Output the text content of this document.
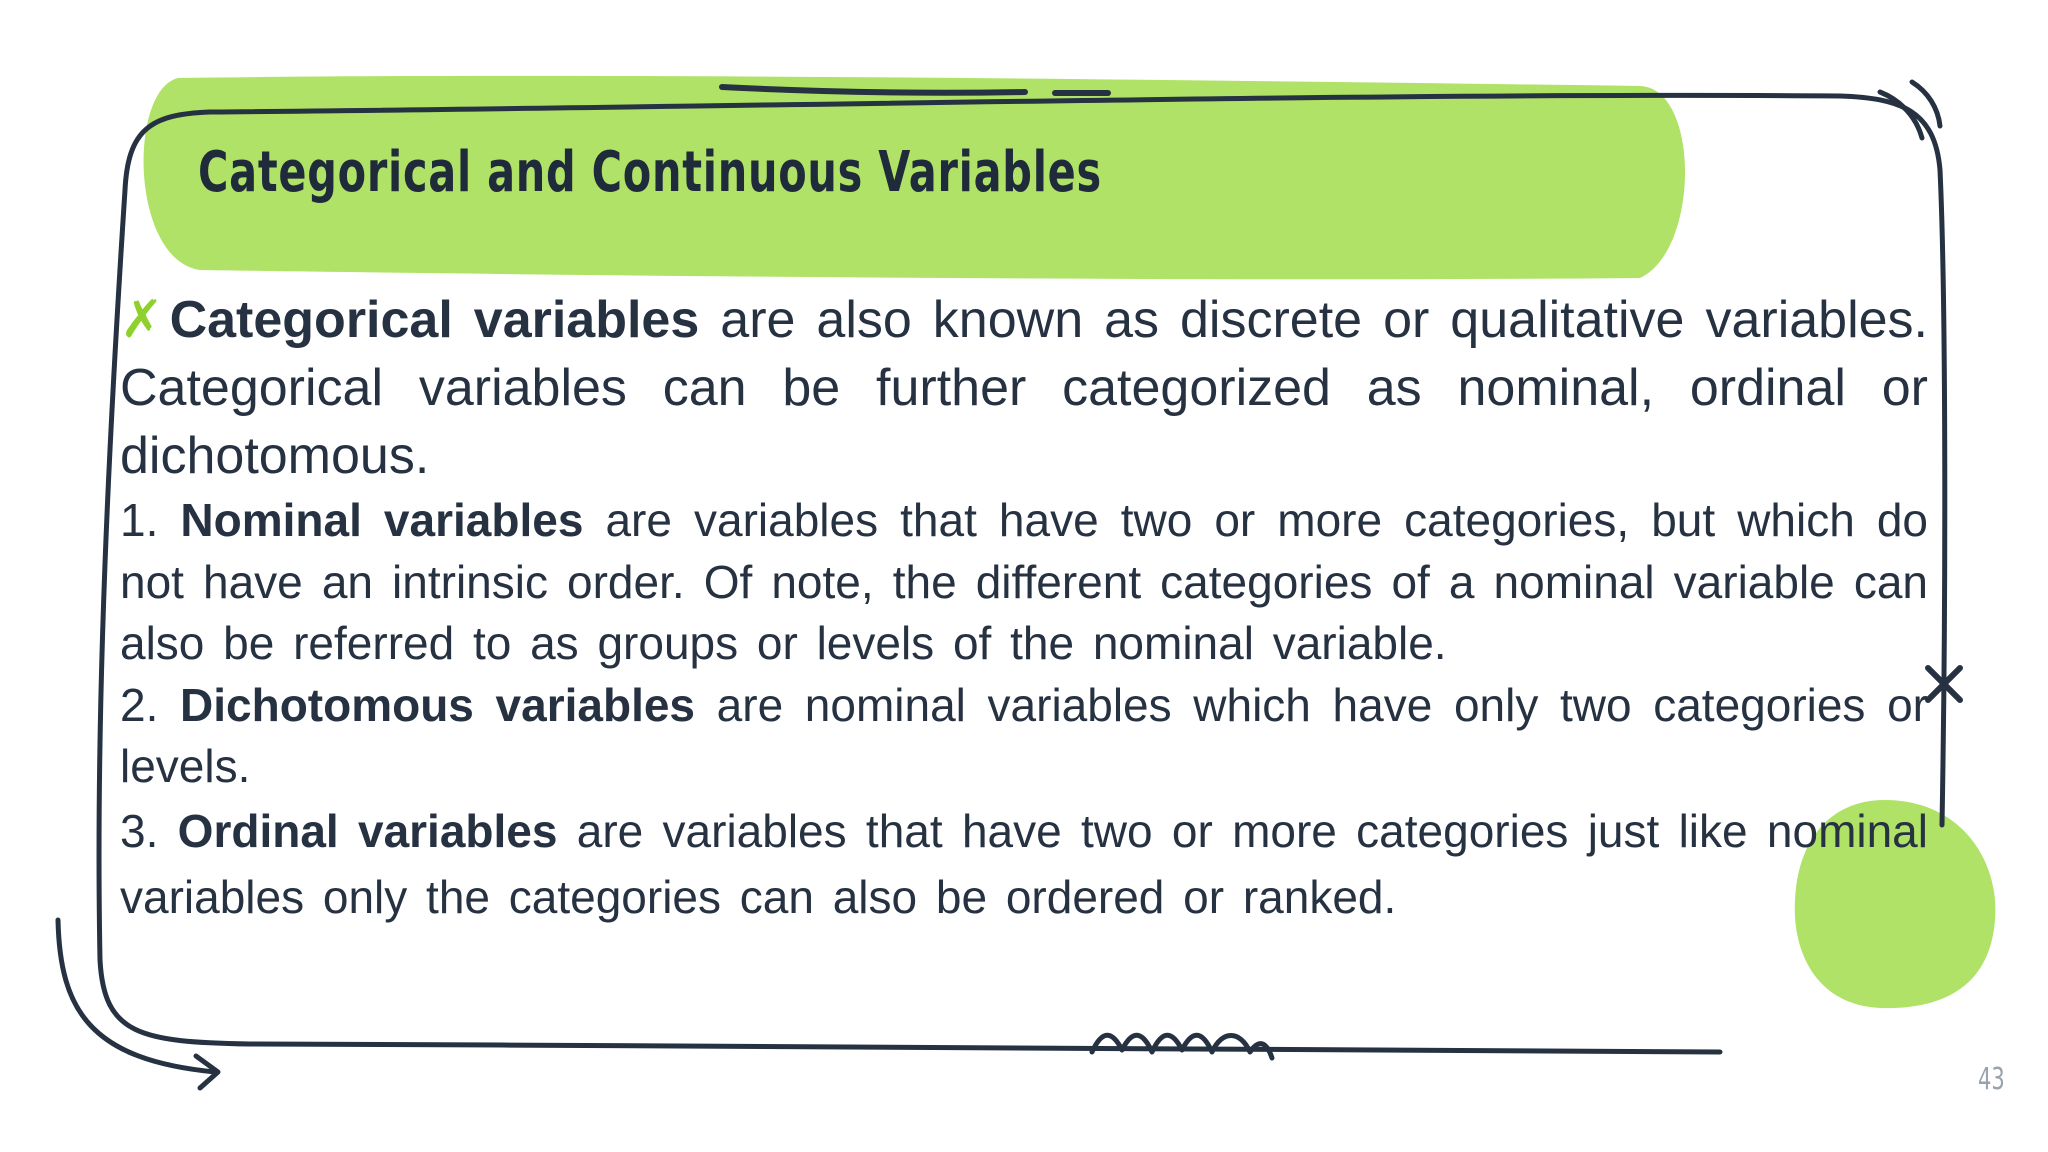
Categorical and Continuous Variables

✗ Categorical variables are also known as discrete or qualitative variables. Categorical variables can be further categorized as nominal, ordinal or dichotomous.

1. Nominal variables are variables that have two or more categories, but which do not have an intrinsic order. Of note, the different categories of a nominal variable can also be referred to as groups or levels of the nominal variable.

2. Dichotomous variables are nominal variables which have only two categories or levels.

3. Ordinal variables are variables that have two or more categories just like nominal variables only the categories can also be ordered or ranked.

43
